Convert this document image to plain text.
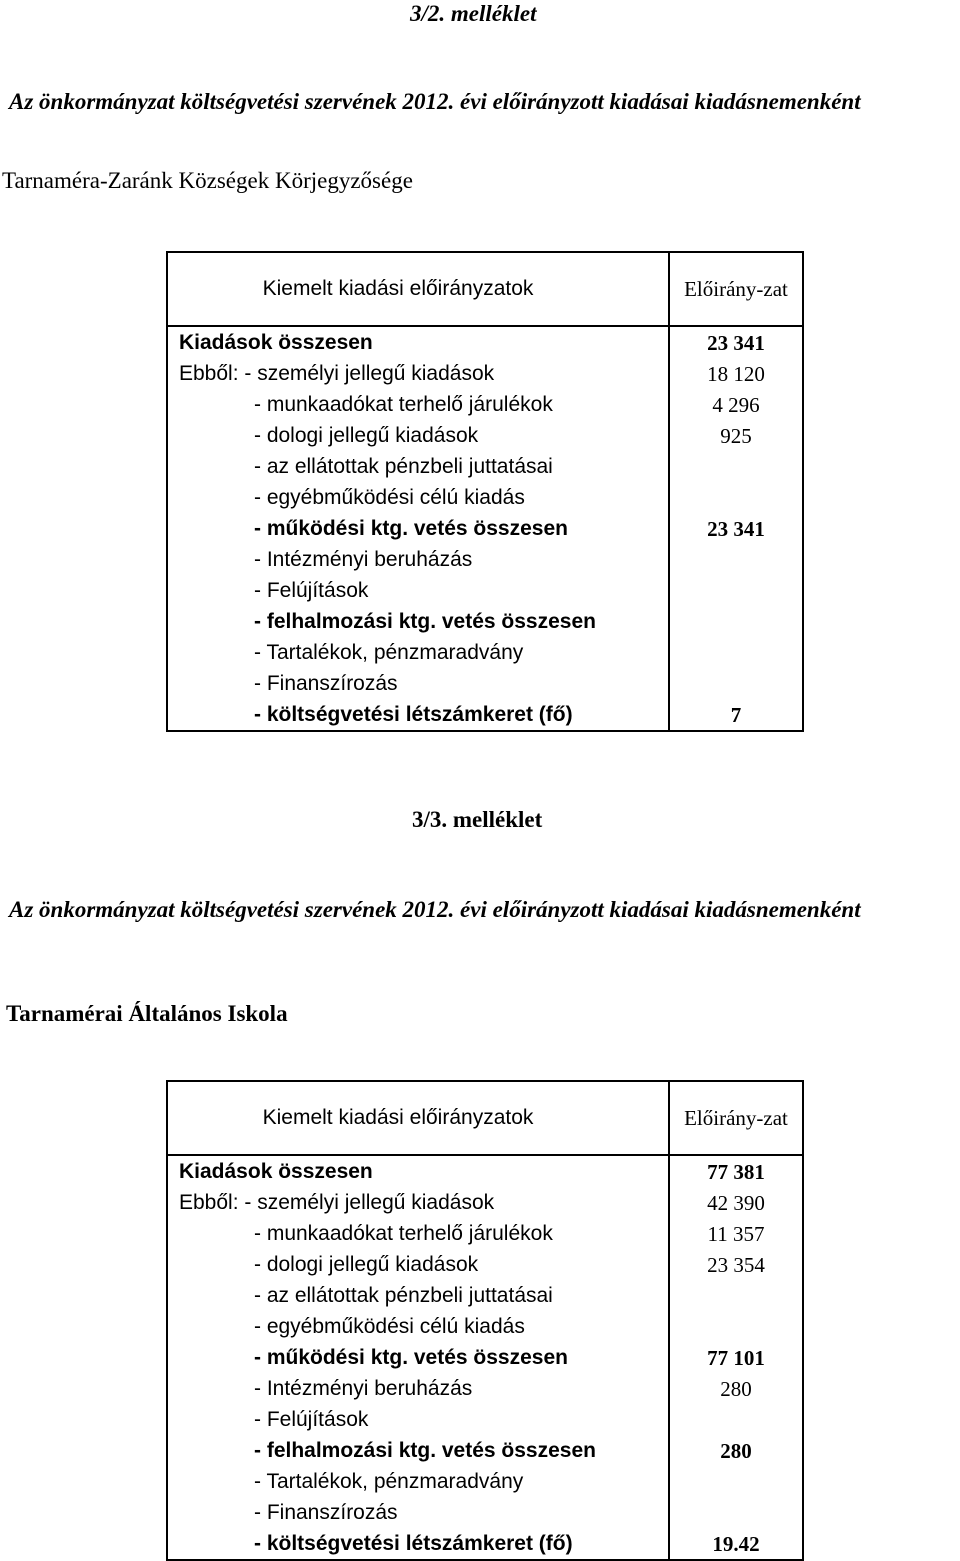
3/2. melléklet

Az önkormányzat költségvetési szervének 2012. évi előirányzott kiadásai kiadásnemenként

Tarnaméra-Zaránk Községek Körjegyzősége

Kiemelt kiadási előirányzatok	Előirány-zat
Kiadások összesen	23 341
Ebből: - személyi jellegű kiadások	18 120
- munkaadókat terhelő járulékok	4 296
- dologi jellegű kiadások	925
- az ellátottak pénzbeli juttatásai	
- egyébműködési célú kiadás	
- működési ktg. vetés összesen	23 341
- Intézményi beruházás	
- Felújítások	
- felhalmozási ktg. vetés összesen	
- Tartalékok, pénzmaradvány	
- Finanszírozás	
- költségvetési létszámkeret (fő)	7

3/3. melléklet

Az önkormányzat költségvetési szervének 2012. évi előirányzott kiadásai kiadásnemenként

Tarnamérai Általános Iskola

Kiemelt kiadási előirányzatok	Előirány-zat
Kiadások összesen	77 381
Ebből: - személyi jellegű kiadások	42 390
- munkaadókat terhelő járulékok	11 357
- dologi jellegű kiadások	23 354
- az ellátottak pénzbeli juttatásai	
- egyébműködési célú kiadás	
- működési ktg. vetés összesen	77 101
- Intézményi beruházás	280
- Felújítások	
- felhalmozási ktg. vetés összesen	280
- Tartalékok, pénzmaradvány	
- Finanszírozás	
- költségvetési létszámkeret (fő)	19.42
